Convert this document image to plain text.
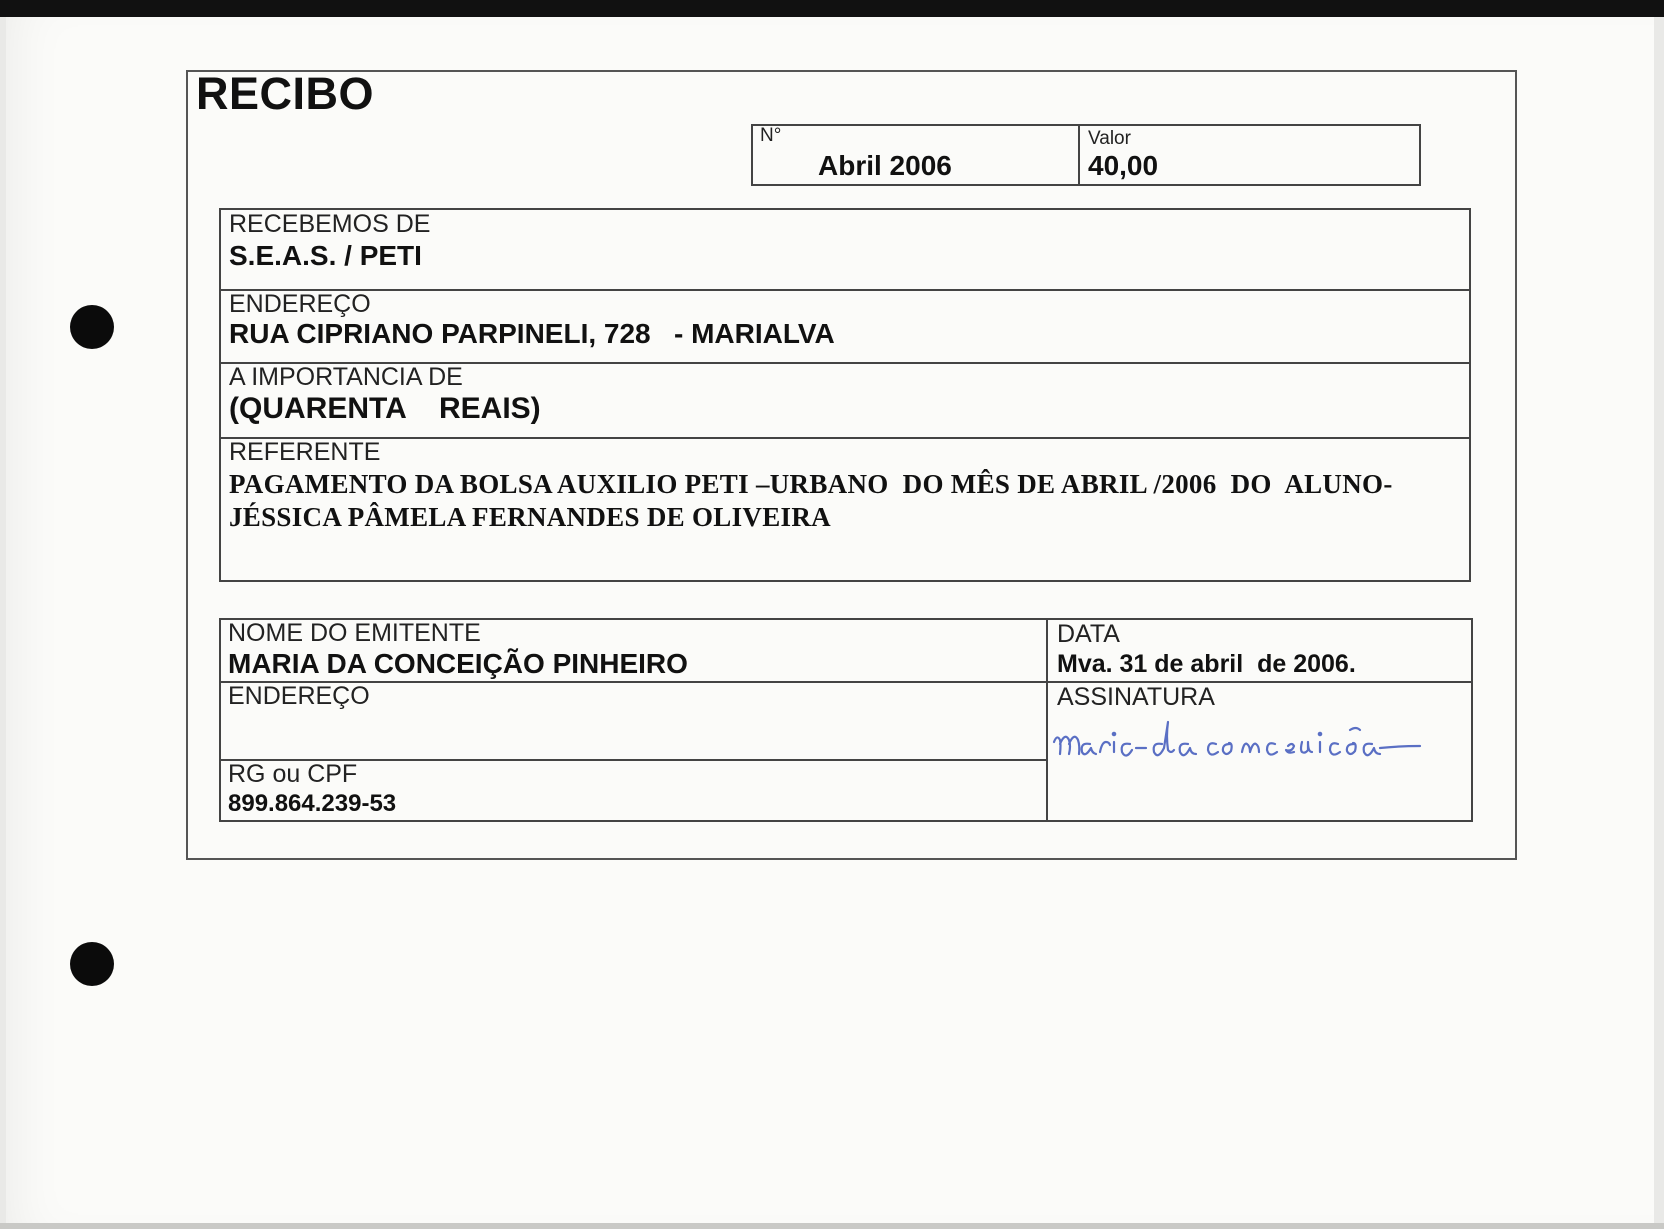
RECIBO
N°
Abril 2006
Valor
40,00
RECEBEMOS DE
S.E.A.S. / PETI
ENDEREÇO
RUA CIPRIANO PARPINELI, 728   - MARIALVA
A IMPORTANCIA DE
(QUARENTA    REAIS)
REFERENTE
PAGAMENTO DA BOLSA AUXILIO PETI –URBANO  DO MÊS DE ABRIL /2006  DO  ALUNO-
JÉSSICA PÂMELA FERNANDES DE OLIVEIRA
NOME DO EMITENTE
MARIA DA CONCEIÇÃO PINHEIRO
DATA
Mva. 31 de abril  de 2006.
ENDEREÇO	ASSINATURA
RG ou CPF
899.864.239-53
